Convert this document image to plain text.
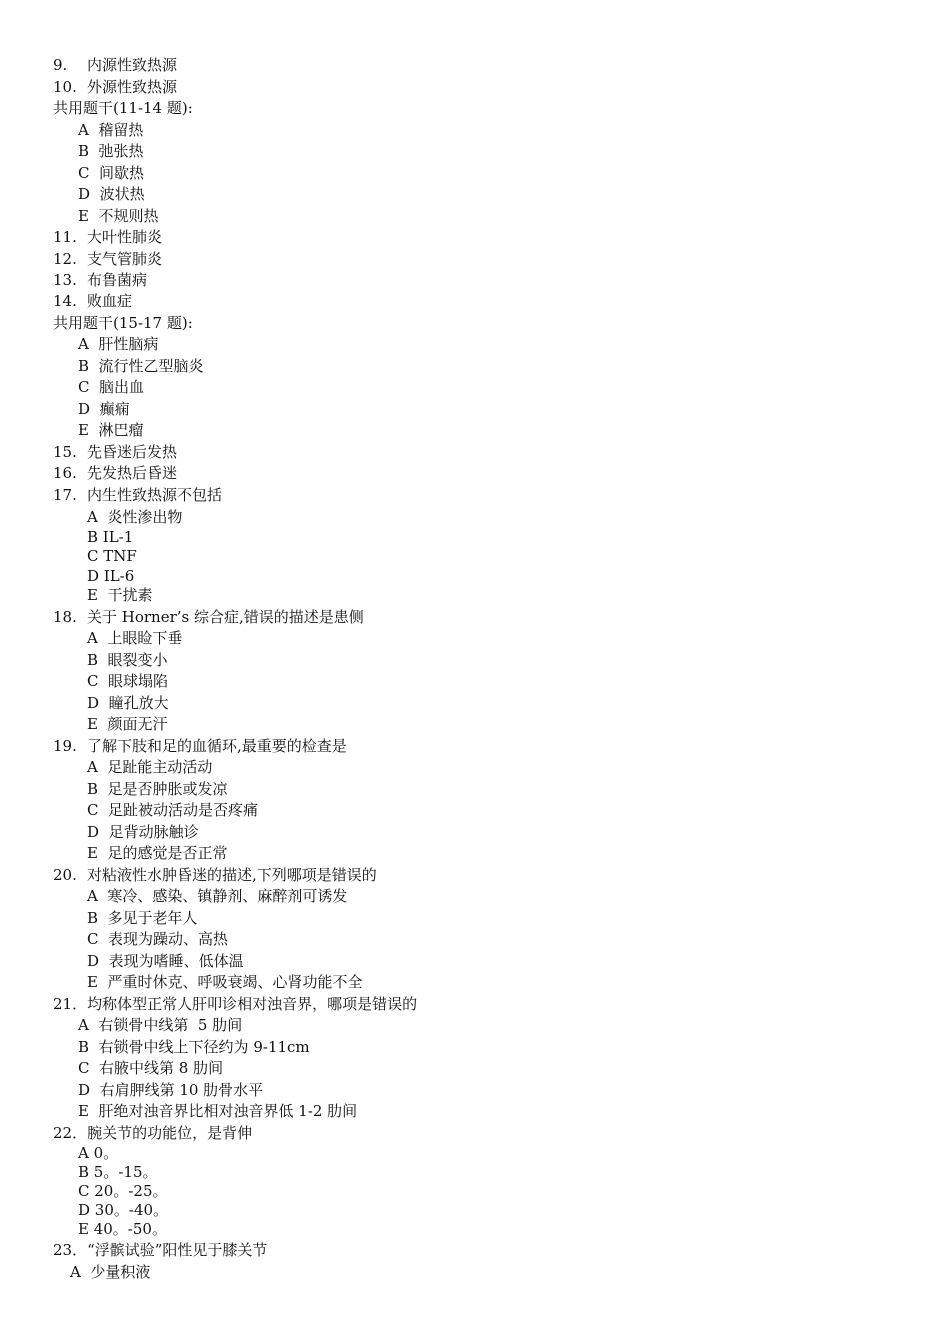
9. 内源性致热源
10. 外源性致热源
共用题干(11-14 题):
A  稽留热
B  弛张热
C  间歇热
D  波状热
E  不规则热
11. 大叶性肺炎
12. 支气管肺炎
13. 布鲁菌病
14. 败血症
共用题干(15-17 题):
A  肝性脑病
B  流行性乙型脑炎
C  脑出血
D  癫痫
E  淋巴瘤
15. 先昏迷后发热
16. 先发热后昏迷
17. 内生性致热源不包括
A  炎性渗出物
B IL-1
C TNF
D IL-6
E  干扰素
18. 关于 Horner’s 综合症,错误的描述是患侧
A  上眼睑下垂
B  眼裂变小
C  眼球塌陷
D  瞳孔放大
E  颜面无汗
19. 了解下肢和足的血循环,最重要的检查是
A  足趾能主动活动
B  足是否肿胀或发凉
C  足趾被动活动是否疼痛
D  足背动脉触诊
E  足的感觉是否正常
20. 对粘液性水肿昏迷的描述,下列哪项是错误的
A  寒冷、感染、镇静剂、麻醉剂可诱发
B  多见于老年人
C  表现为躁动、高热
D  表现为嗜睡、低体温
E  严重时休克、呼吸衰竭、心肾功能不全
21．均称体型正常人肝叩诊相对浊音界，哪项是错误的
A  右锁骨中线第  5 肋间
B  右锁骨中线上下径约为 9-11cm
C  右腋中线第 8 肋间
D  右肩胛线第 10 肋骨水平
E  肝绝对浊音界比相对浊音界低 1-2 肋间
22．腕关节的功能位，是背伸
A 0。
B 5。-15。
C 20。-25。
D 30。-40。
E 40。-50。
23．“浮髌试验”阳性见于膝关节
A  少量积液
